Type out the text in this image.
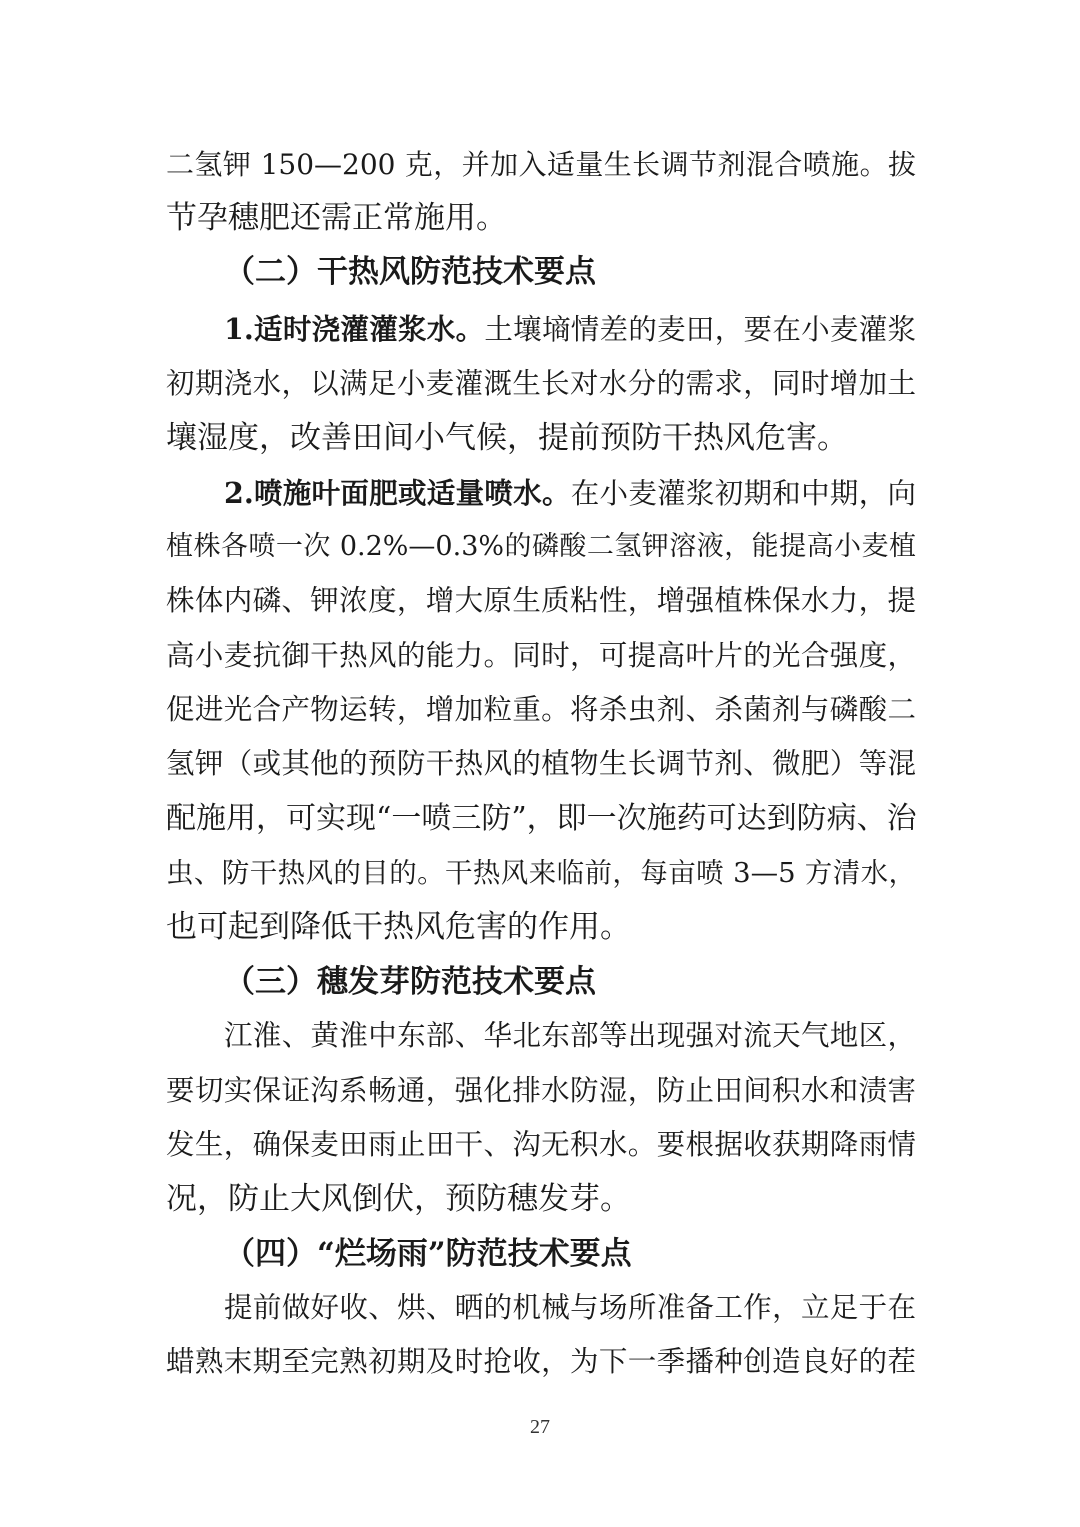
二氢钾 150—200 克，并加入适量生长调节剂混合喷施。拔
节孕穗肥还需正常施用。
（二）干热风防范技术要点
1.适时浇灌灌浆水。土壤墒情差的麦田，要在小麦灌浆
初期浇水，以满足小麦灌溉生长对水分的需求，同时增加土
壤湿度，改善田间小气候，提前预防干热风危害。
2.喷施叶面肥或适量喷水。在小麦灌浆初期和中期，向
植株各喷一次 0.2%—0.3%的磷酸二氢钾溶液，能提高小麦植
株体内磷、钾浓度，增大原生质粘性，增强植株保水力，提
高小麦抗御干热风的能力。同时，可提高叶片的光合强度，
促进光合产物运转，增加粒重。将杀虫剂、杀菌剂与磷酸二
氢钾（或其他的预防干热风的植物生长调节剂、微肥）等混
配施用，可实现“一喷三防”，即一次施药可达到防病、治
虫、防干热风的目的。干热风来临前，每亩喷 3—5 方清水，
也可起到降低干热风危害的作用。
（三）穗发芽防范技术要点
江淮、黄淮中东部、华北东部等出现强对流天气地区，
要切实保证沟系畅通，强化排水防湿，防止田间积水和渍害
发生，确保麦田雨止田干、沟无积水。要根据收获期降雨情
况，防止大风倒伏，预防穗发芽。
（四）“烂场雨”防范技术要点
提前做好收、烘、晒的机械与场所准备工作，立足于在
蜡熟末期至完熟初期及时抢收，为下一季播种创造良好的茬
27
